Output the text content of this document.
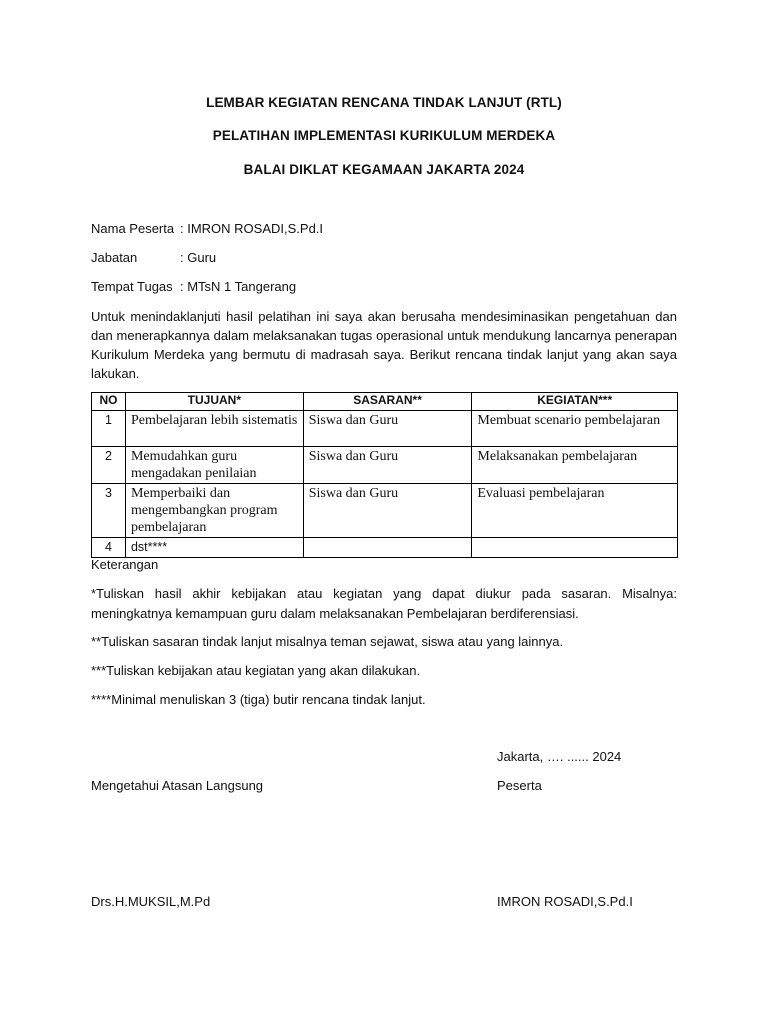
LEMBAR KEGIATAN RENCANA TINDAK LANJUT (RTL)
PELATIHAN IMPLEMENTASI KURIKULUM MERDEKA
BALAI DIKLAT KEGAMAAN JAKARTA 2024
Nama Peserta : IMRON ROSADI,S.Pd.I
Jabatan	: Guru
Tempat Tugas : MTsN 1 Tangerang
Untuk menindaklanjuti hasil pelatihan ini saya akan berusaha mendesiminasikan pengetahuan dan dan menerapkannya dalam melaksanakan tugas operasional untuk mendukung lancarnya penerapan Kurikulum Merdeka yang bermutu di madrasah saya. Berikut rencana tindak lanjut yang akan saya lakukan.
NO	TUJUAN*	SASARAN**	KEGIATAN***
1	Pembelajaran lebih sistematis	Siswa dan Guru	Membuat scenario pembelajaran
2	Memudahkan guru mengadakan penilaian	Siswa dan Guru	Melaksanakan pembelajaran
3	Memperbaiki dan mengembangkan program pembelajaran	Siswa dan Guru	Evaluasi pembelajaran
4	dst****		
Keterangan
*Tuliskan hasil akhir kebijakan atau kegiatan yang dapat diukur pada sasaran. Misalnya: meningkatnya kemampuan guru dalam melaksanakan Pembelajaran berdiferensiasi.
**Tuliskan sasaran tindak lanjut misalnya teman sejawat, siswa atau yang lainnya.
***Tuliskan kebijakan atau kegiatan yang akan dilakukan.
****Minimal menuliskan 3 (tiga) butir rencana tindak lanjut.
Jakarta, …. ...... 2024
Mengetahui Atasan Langsung	Peserta
Drs.H.MUKSIL,M.Pd	IMRON ROSADI,S.Pd.I
